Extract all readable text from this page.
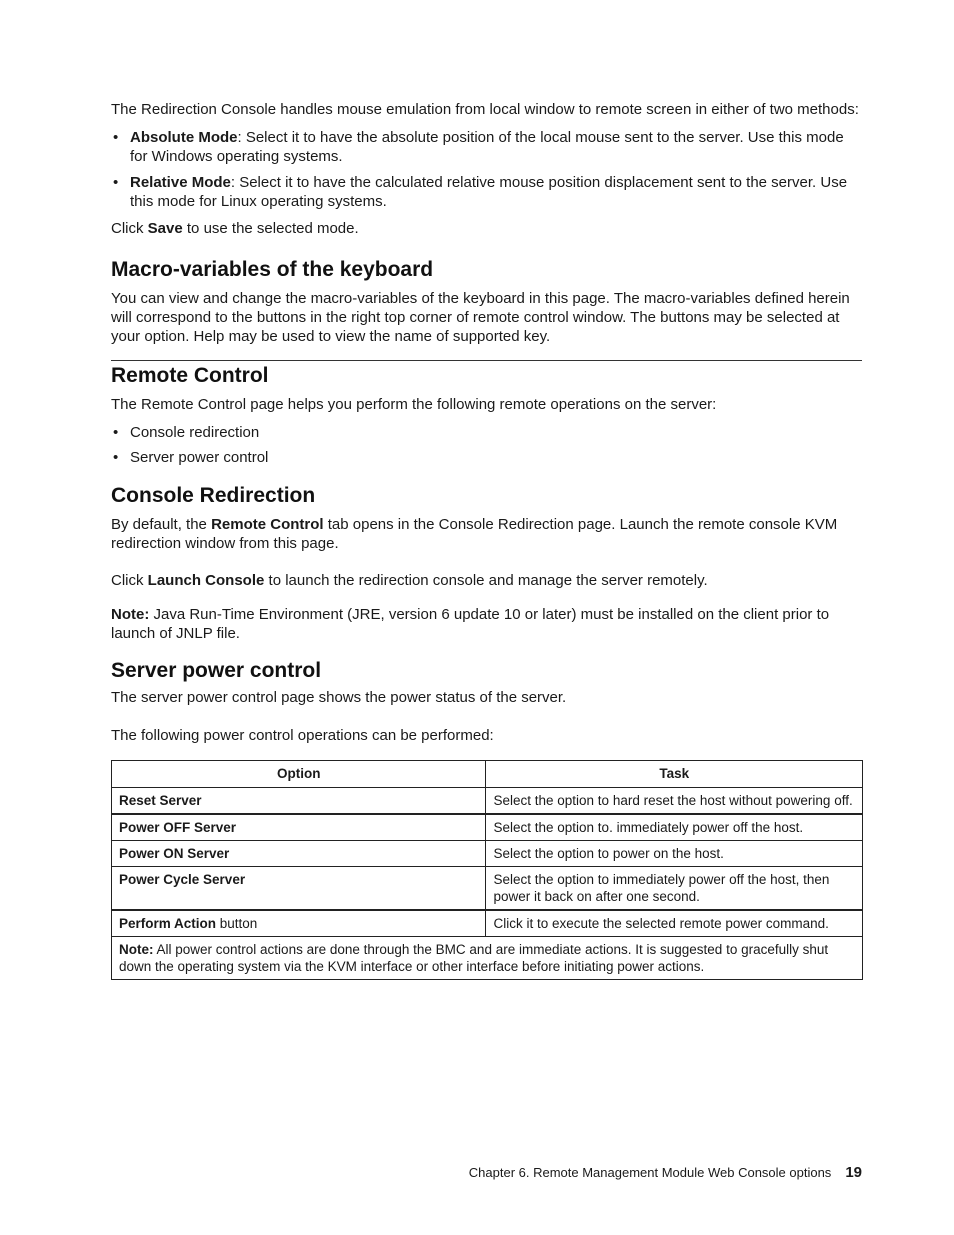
The Redirection Console handles mouse emulation from local window to remote screen in either of two methods:

• Absolute Mode: Select it to have the absolute position of the local mouse sent to the server. Use this mode for Windows operating systems.
• Relative Mode: Select it to have the calculated relative mouse position displacement sent to the server. Use this mode for Linux operating systems.

Click Save to use the selected mode.

Macro-variables of the keyboard

You can view and change the macro-variables of the keyboard in this page. The macro-variables defined herein will correspond to the buttons in the right top corner of remote control window. The buttons may be selected at your option. Help may be used to view the name of supported key.

Remote Control

The Remote Control page helps you perform the following remote operations on the server:

• Console redirection
• Server power control
Console Redirection

By default, the Remote Control tab opens in the Console Redirection page. Launch the remote console KVM redirection window from this page.

Click Launch Console to launch the redirection console and manage the server remotely.

Note: Java Run-Time Environment (JRE, version 6 update 10 or later) must be installed on the client prior to launch of JNLP file.

Server power control

The server power control page shows the power status of the server.

The following power control operations can be performed:

Option	Task
Reset Server	Select the option to hard reset the host without powering off.
Power OFF Server	Select the option to. immediately power off the host.
Power ON Server	Select the option to power on the host.
Power Cycle Server	Select the option to immediately power off the host, then power it back on after one second.
Perform Action button	Click it to execute the selected remote power command.
Note: All power control actions are done through the BMC and are immediate actions. It is suggested to gracefully shut down the operating system via the KVM interface or other interface before initiating power actions.	
Chapter 6. Remote Management Module Web Console options 19
